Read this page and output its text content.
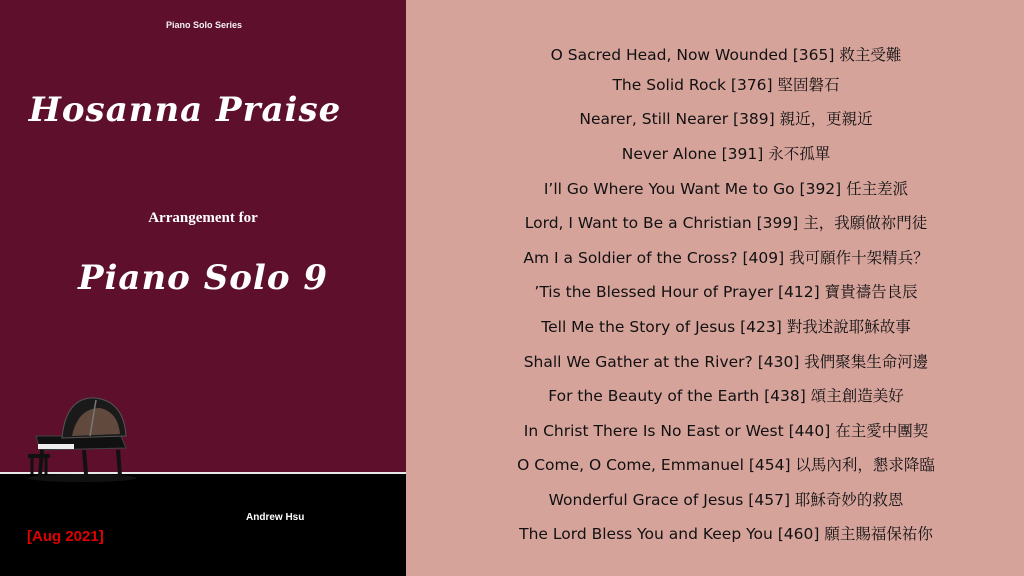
Piano Solo Series
Hosanna Praise
Arrangement for
Piano Solo 9
Andrew Hsu
[Aug 2021]
O Sacred Head, Now Wounded [365] 救主受難
The Solid Rock [376] 堅固磐石
Nearer, Still Nearer [389] 親近，更親近
Never Alone [391] 永不孤單
I’ll Go Where You Want Me to Go [392] 任主差派
Lord, I Want to Be a Christian [399] 主，我願做祢門徒
Am I a Soldier of the Cross? [409] 我可願作十架精兵？
’Tis the Blessed Hour of Prayer [412] 寶貴禱告良辰
Tell Me the Story of Jesus [423] 對我述說耶穌故事
Shall We Gather at the River? [430] 我們聚集生命河邊
For the Beauty of the Earth [438] 頌主創造美好
In Christ There Is No East or West [440] 在主愛中團契
O Come, O Come, Emmanuel [454] 以馬內利，懇求降臨
Wonderful Grace of Jesus [457] 耶穌奇妙的救恩
The Lord Bless You and Keep You [460] 願主賜福保祐你
